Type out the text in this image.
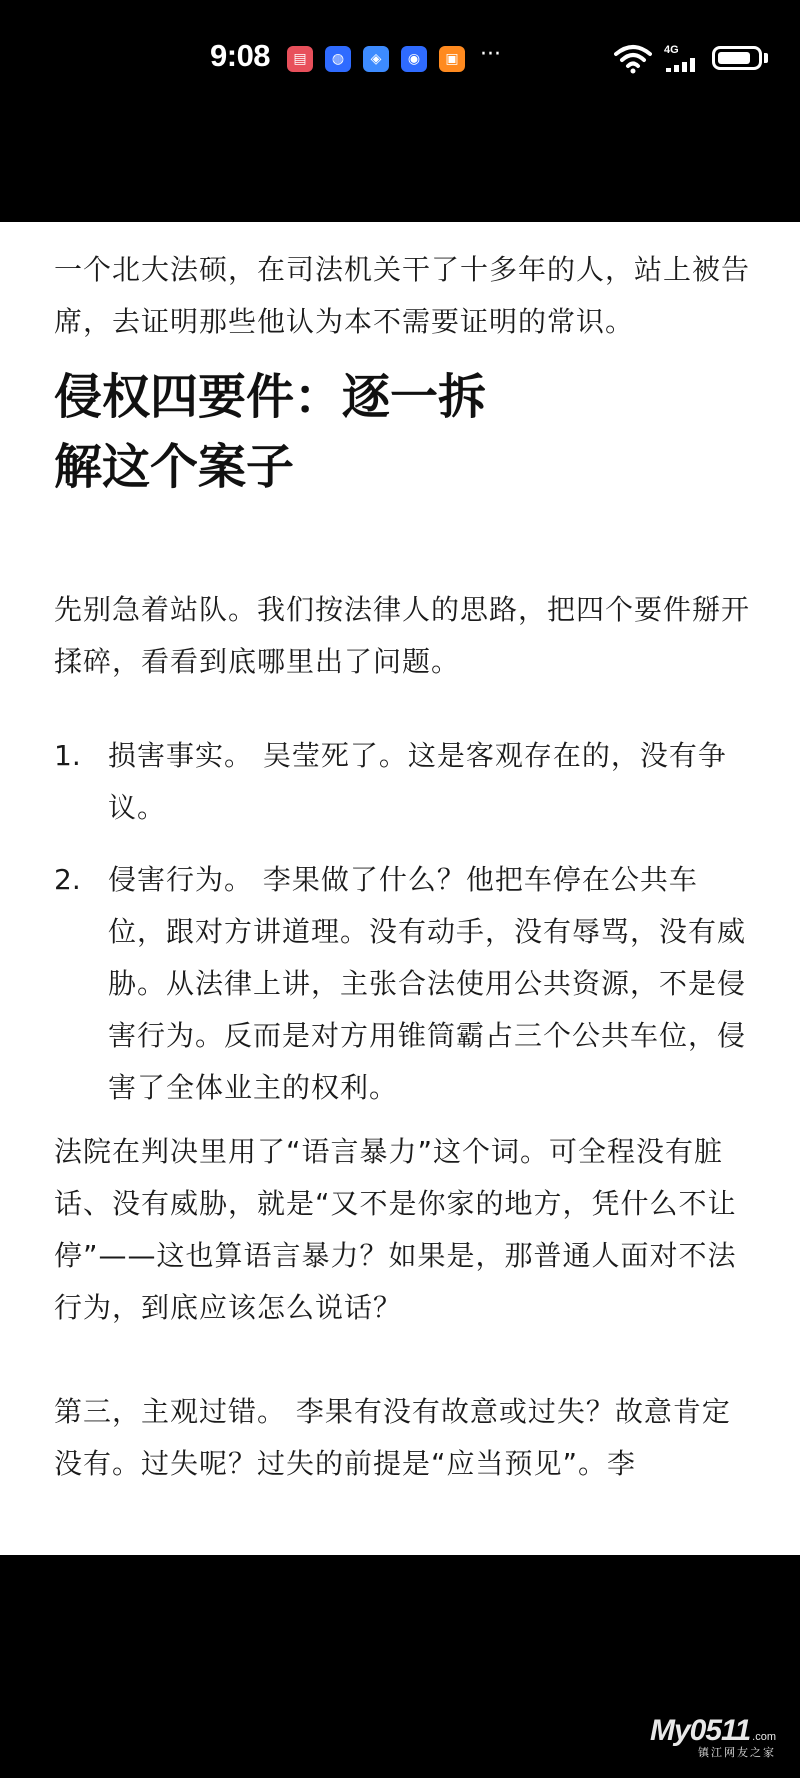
9:08	▤	◍	◈	◉	▣ ···	4G

一个北大法硕，在司法机关干了十多年的人，站上被告席，去证明那些他认为本不需要证明的常识。

侵权四要件：逐一拆解这个案子

先别急着站队。我们按法律人的思路，把四个要件掰开揉碎，看看到底哪里出了问题。

1. 损害事实。 吴莹死了。这是客观存在的，没有争议。

2. 侵害行为。 李果做了什么？他把车停在公共车位，跟对方讲道理。没有动手，没有辱骂，没有威胁。从法律上讲，主张合法使用公共资源，不是侵害行为。反而是对方用锥筒霸占三个公共车位，侵害了全体业主的权利。

法院在判决里用了“语言暴力”这个词。可全程没有脏话、没有威胁，就是“又不是你家的地方，凭什么不让停”——这也算语言暴力？如果是，那普通人面对不法行为，到底应该怎么说话？

第三，主观过错。 李果有没有故意或过失？故意肯定没有。过失呢？过失的前提是“应当预见”。李

My0511 .com
镇江网友之家
